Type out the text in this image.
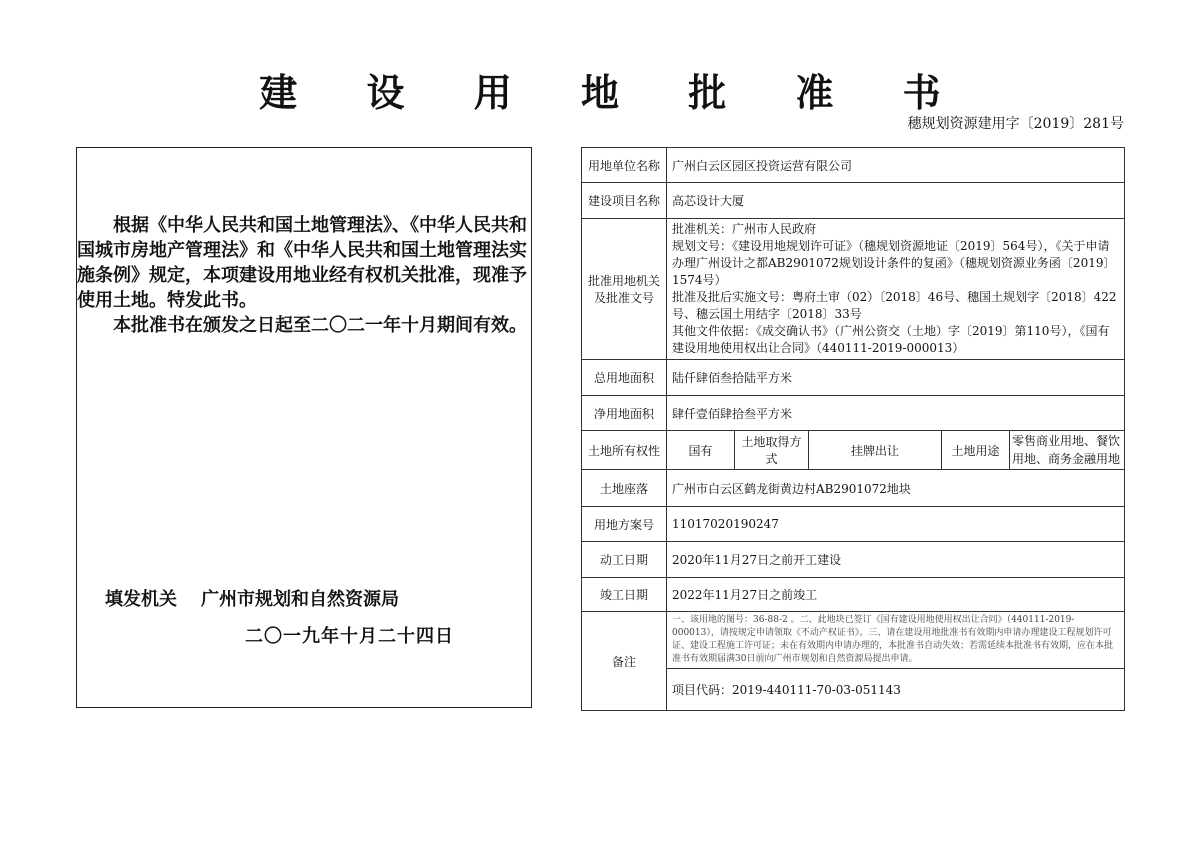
建 设 用 地 批 准 书
穗规划资源建用字〔2019〕281号

根据《中华人民共和国土地管理法》、《中华人民共和国城市房地产管理法》和《中华人民共和国土地管理法实施条例》规定，本项建设用地业经有权机关批准，现准予使用土地。特发此书。

本批准书在颁发之日起至二〇二一年十月期间有效。

填发机关 广州市规划和自然资源局
二〇一九年十月二十四日
用地单位名称	广州白云区园区投资运营有限公司				
建设项目名称	高芯设计大厦				
批准用地机关及批准文号	批准机关：广州市人民政府
规划文号：《建设用地规划许可证》（穗规划资源地证〔2019〕564号），《关于申请办理广州设计之都AB2901072规划设计条件的复函》（穗规划资源业务函〔2019〕1574号）
批准及批后实施文号：粤府土审（02）〔2018〕46号、穗国土规划字〔2018〕422号、穗云国土用结字〔2018〕33号
其他文件依据：《成交确认书》（广州公资交（土地）字〔2019〕第110号），《国有建设用地使用权出让合同》（440111-2019-000013）				

总用地面积	陆仟肆佰叁拾陆平方米				
净用地面积	肆仟壹佰肆拾叁平方米				
土地所有权性	国有	土地取得方式	挂牌出让	土地用途	零售商业用地、餐饮用地、商务金融用地
土地座落	广州市白云区鹤龙街黄边村AB2901072地块				
用地方案号	11017020190247				
动工日期	2020年11月27日之前开工建设				
竣工日期	2022年11月27日之前竣工				
备注	一、该用地的图号：36-88-2 。二、此地块已签订《国有建设用地使用权出让合同》（440111-2019-000013），请按规定申请领取《不动产权证书》。三、请在建设用地批准书有效期内申请办理建设工程规划许可证、建设工程施工许可证；未在有效期内申请办理的，本批准书自动失效；若需延续本批准书有效期，应在本批准书有效期届满30日前向广州市规划和自然资源局提出申请。				
	项目代码：2019-440111-70-03-051143				
